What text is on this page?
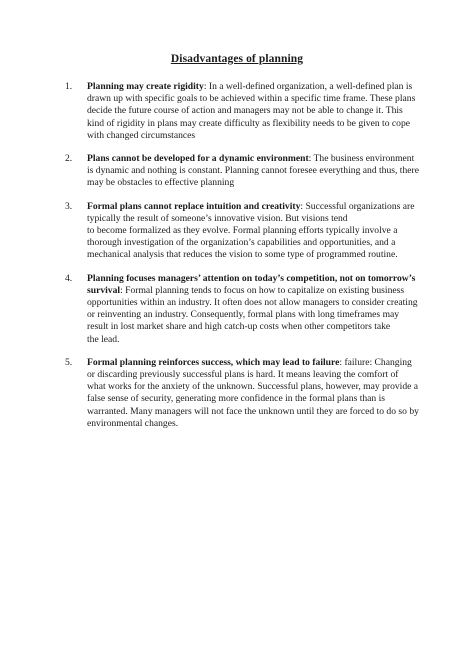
Disadvantages of planning
1. Planning may create rigidity: In a well-defined organization, a well-defined plan is
drawn up with specific goals to be achieved within a specific time frame. These plans
decide the future course of action and managers may not be able to change it. This
kind of rigidity in plans may create difficulty as flexibility needs to be given to cope
with changed circumstances
2. Plans cannot be developed for a dynamic environment: The business environment
is dynamic and nothing is constant. Planning cannot foresee everything and thus, there
may be obstacles to effective planning
3. Formal plans cannot replace intuition and creativity: Successful organizations are
typically the result of someone’s innovative vision. But visions tend
to become formalized as they evolve. Formal planning efforts typically involve a
thorough investigation of the organization’s capabilities and opportunities, and a
mechanical analysis that reduces the vision to some type of programmed routine.
4. Planning focuses managers’ attention on today’s competition, not on tomorrow’s
survival: Formal planning tends to focus on how to capitalize on existing business
opportunities within an industry. It often does not allow managers to consider creating
or reinventing an industry. Consequently, formal plans with long timeframes may
result in lost market share and high catch-up costs when other competitors take
the lead.
5. Formal planning reinforces success, which may lead to failure: failure: Changing
or discarding previously successful plans is hard. It means leaving the comfort of
what works for the anxiety of the unknown. Successful plans, however, may provide a
false sense of security, generating more confidence in the formal plans than is
warranted. Many managers will not face the unknown until they are forced to do so by
environmental changes.
